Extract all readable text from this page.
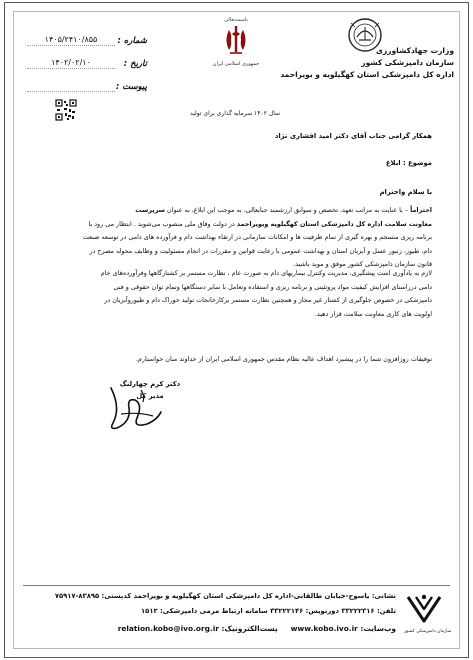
وزارت جهادکشاورزی
سازمان دامپزشکی کشور
اداره کل دامپزشکی استان کهگیلویه و بویراحمد
باسمه‌تعالی
جمهوری اسلامی ایران
شماره :
۱۴۰۵/۲۴۱۰/۸۵۵
تاریخ :
۱۴۰۲/۰۲/۱۰
پیوست :
سال ۱۴۰۲ سرمایه گذاری برای تولید
همکار گرامی جناب آقای دکتر امید افشاری نژاد
موضوع : ابلاغ
با سلام واحترام
احتراماً – با عنایت به مراتب تعهد، تخصص و سوابق ارزشمند جنابعالی، به موجب این ابلاغ، به عنوان سرپرست
معاونت سلامت اداره کل دامپزشکی استان کهگیلویه وبویراحمد در دولت وفاق ملی منصوب می‌شوید . انتظار می رود با
برنامه ریزی منسجم و بهره گیری از تمام ظرفیت ها و امکانات سازمانی در ارتقاء بهداشت دام و فرآورده های دامی در توسعه صنعت
دام، طیور، زنبور عسل و آبزیان استان و بهداشت عمومی با رعایت قوانین و مقررات در انجام مسئولیت و وظایف محوله مصرح در
قانون سازمان دامپزشکی کشور موفق و موید باشید.
لازم به یادآوری است پیشگیری، مدیریت وکنترل بیماریهای دام به صورت عام ، نظارت مستمر بر کشتارگاهها وفرآورده‌های خام
دامی درراستای افزایش کیفیت مواد پروتئینی و برنامه ریزی و استفاده وتعامل با سایر دستگاهها وتمام توان حقوقی و فنی
دامپزشکی در خصوص جلوگیری از کشتار غیر مجاز و همچنین نظارت مستمر برکارخانجات تولید خوراک دام و طیوروآبزیان در
اولویت های کاری معاونت سلامت قرار دهید.
توفیقات روزافزون شما را در پیشبرد اهداف عالیه نظام مقدس جمهوری اسلامی ایران از خداوند منان خواستارم.
دکتر کرم چهارلنگ
مدیر کل
نشانی: یاسوج-خیابان طالقانی-اداره کل دامپزشکی استان کهگیلویه و بویراحمد کدپستی: ۸۳۸۹۵-۷۵۹۱۷
تلفن: ۳۳۲۲۲۳۱۶ دورنویس: ۳۳۲۲۲۱۴۶ سامانه ارتباط مرمی دامپزشکی: ۱۵۱۲
وب‌سایت: www.kobo.ivo.ir     پست‌الکترونیک: relation.kobo@ivo.org.ir	سازمان دامپزشکی کشور
